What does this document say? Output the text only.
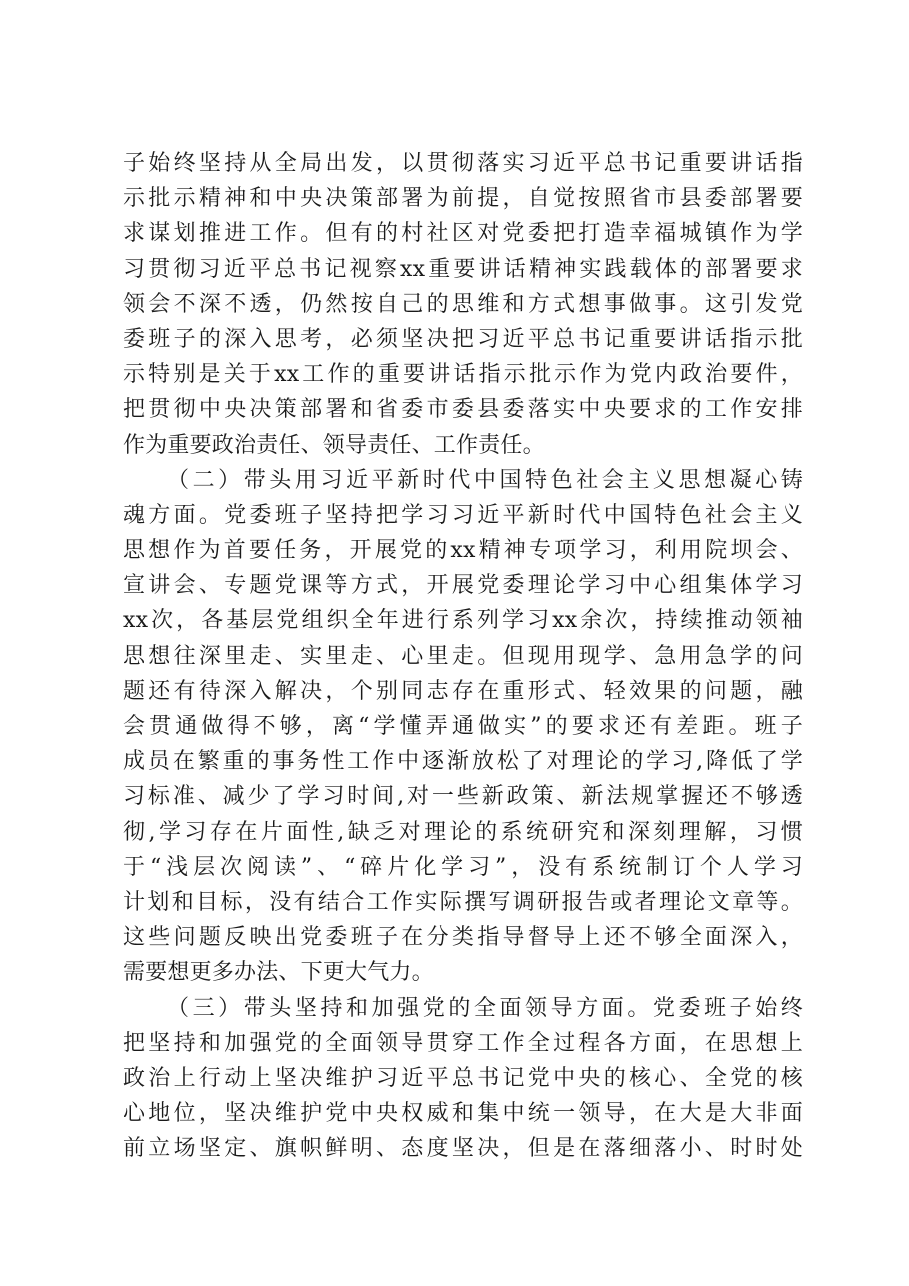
子始终坚持从全局出发，以贯彻落实习近平总书记重要讲话指
示批示精神和中央决策部署为前提，自觉按照省市县委部署要
求谋划推进工作。但有的村社区对党委把打造幸福城镇作为学
习贯彻习近平总书记视察xx重要讲话精神实践载体的部署要求
领会不深不透，仍然按自己的思维和方式想事做事。这引发党
委班子的深入思考，必须坚决把习近平总书记重要讲话指示批
示特别是关于xx工作的重要讲话指示批示作为党内政治要件，
把贯彻中央决策部署和省委市委县委落实中央要求的工作安排
作为重要政治责任、领导责任、工作责任。
（二）带头用习近平新时代中国特色社会主义思想凝心铸
魂方面。党委班子坚持把学习习近平新时代中国特色社会主义
思想作为首要任务，开展党的xx精神专项学习，利用院坝会、
宣讲会、专题党课等方式，开展党委理论学习中心组集体学习
xx次，各基层党组织全年进行系列学习xx余次，持续推动领袖
思想往深里走、实里走、心里走。但现用现学、急用急学的问
题还有待深入解决，个别同志存在重形式、轻效果的问题，融
会贯通做得不够，离“学懂弄通做实”的要求还有差距。班子
成员在繁重的事务性工作中逐渐放松了对理论的学习,降低了学
习标准、减少了学习时间,对一些新政策、新法规掌握还不够透
彻,学习存在片面性,缺乏对理论的系统研究和深刻理解，习惯
于“浅层次阅读”、“碎片化学习”，没有系统制订个人学习
计划和目标，没有结合工作实际撰写调研报告或者理论文章等。
这些问题反映出党委班子在分类指导督导上还不够全面深入，
需要想更多办法、下更大气力。
（三）带头坚持和加强党的全面领导方面。党委班子始终
把坚持和加强党的全面领导贯穿工作全过程各方面，在思想上
政治上行动上坚决维护习近平总书记党中央的核心、全党的核
心地位，坚决维护党中央权威和集中统一领导，在大是大非面
前立场坚定、旗帜鲜明、态度坚决，但是在落细落小、时时处
